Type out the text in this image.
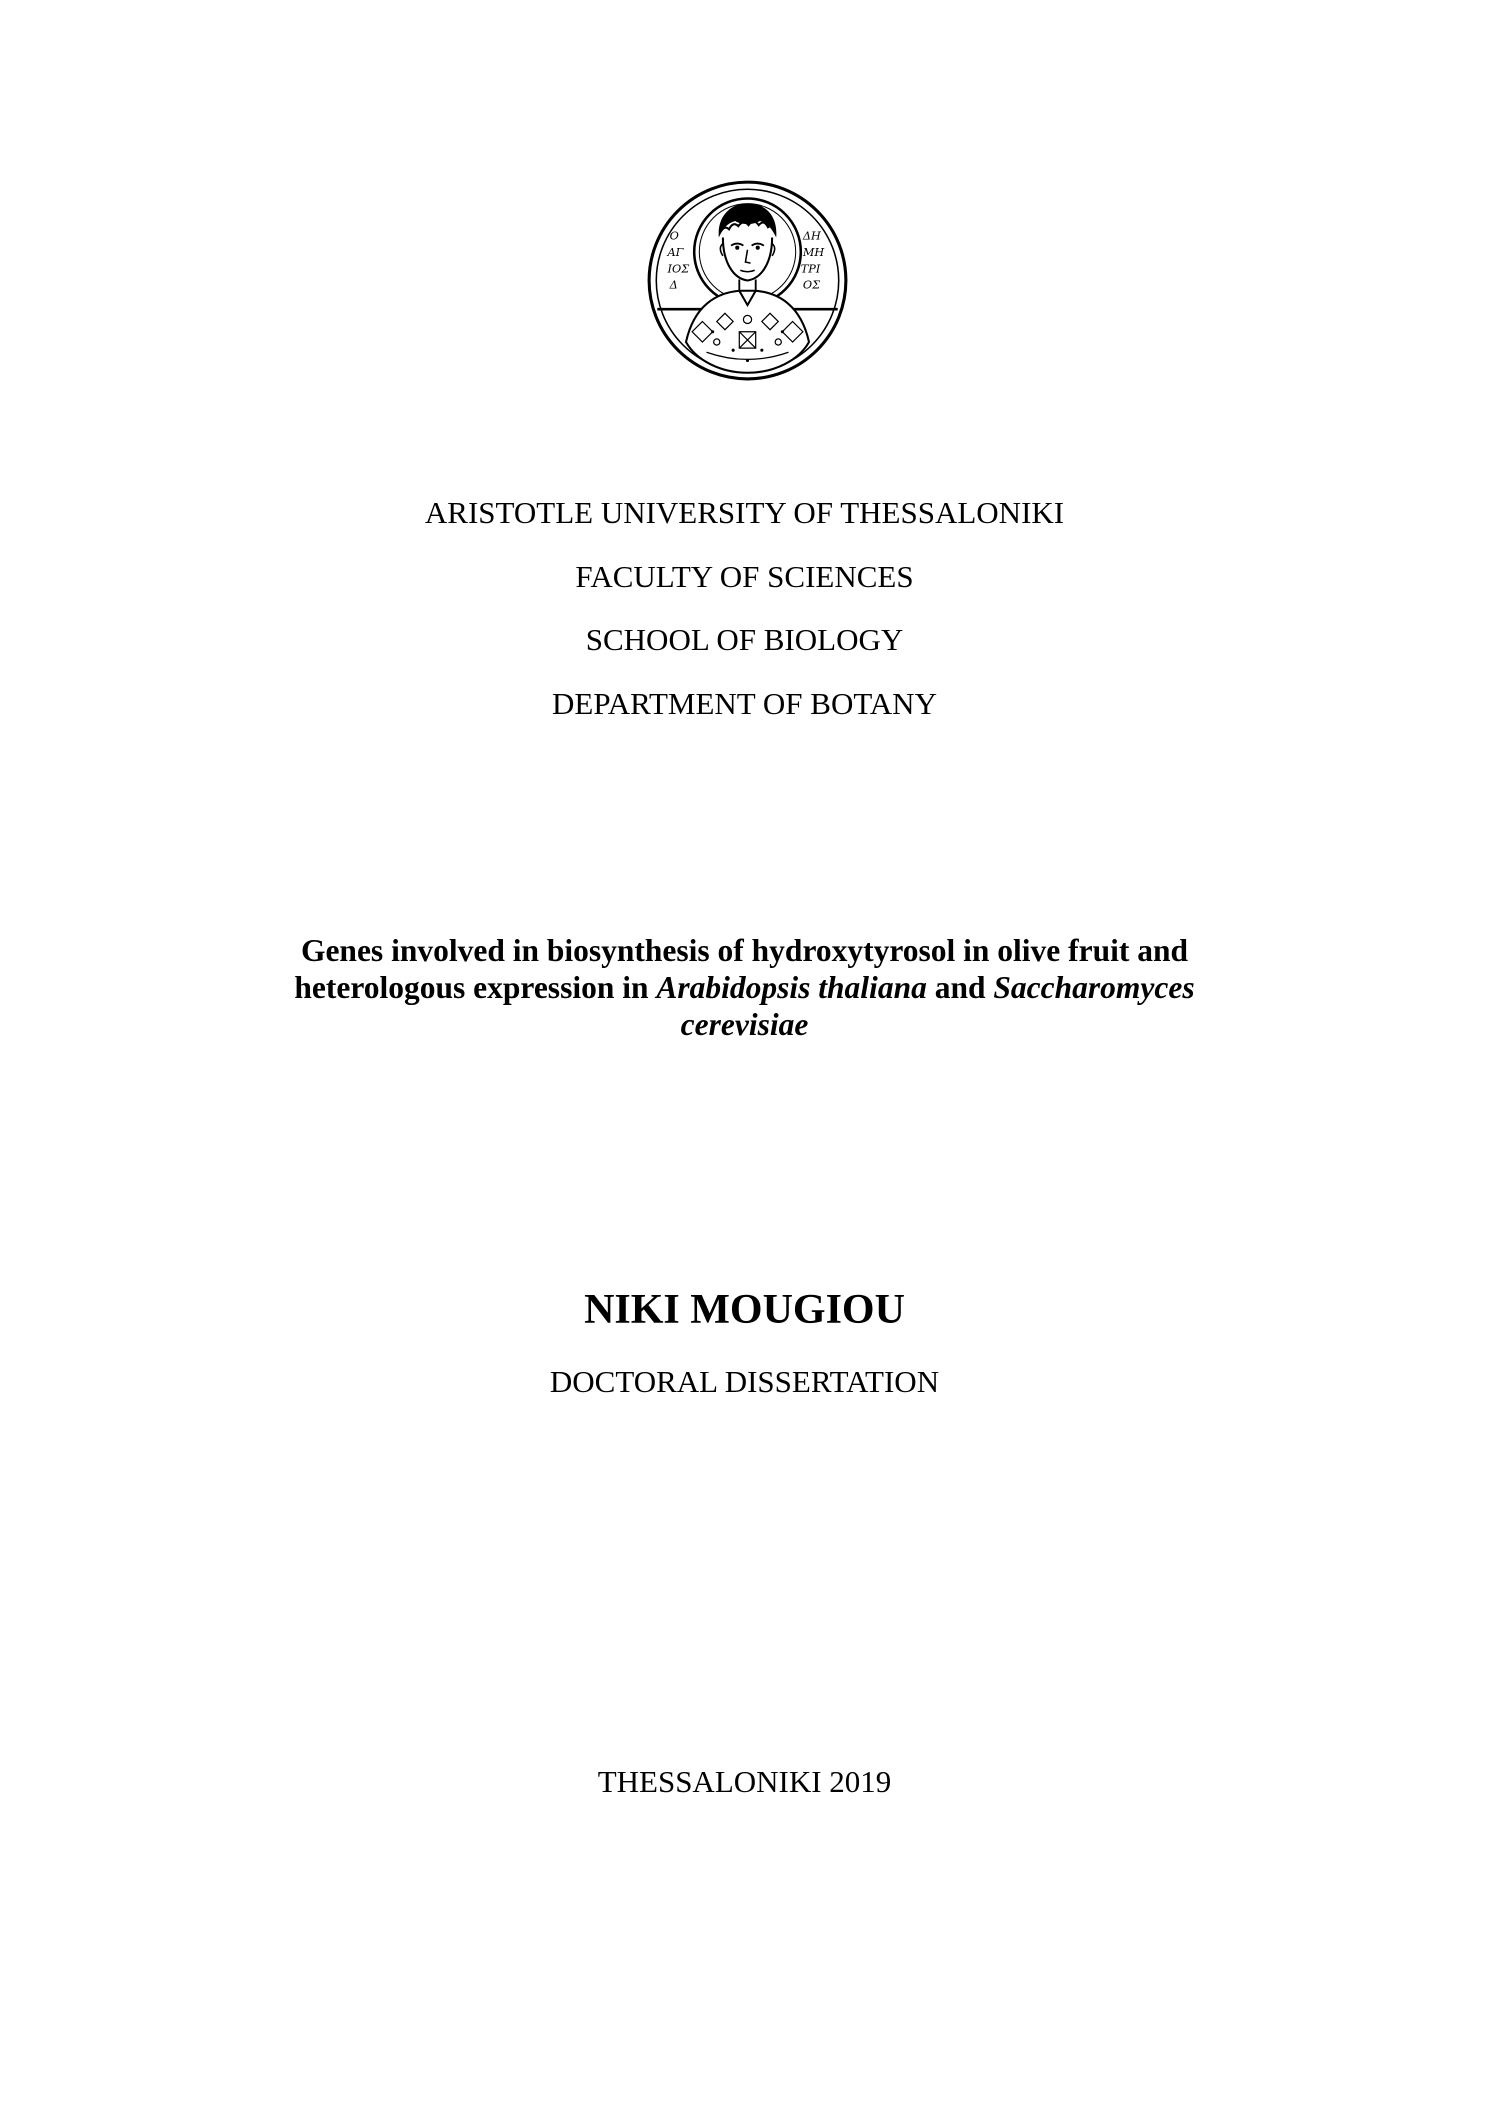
Ο
ΑΓ
ΙΟΣ
Δ
ΔΗ
ΜΗ
ΤΡΙ
ΟΣ
ARISTOTLE UNIVERSITY OF THESSALONIKI
FACULTY OF SCIENCES
SCHOOL OF BIOLOGY
DEPARTMENT OF BOTANY
Genes involved in biosynthesis of hydroxytyrosol in olive fruit and
heterologous expression in Arabidopsis thaliana and Saccharomyces
cerevisiae
NIKI MOUGIOU
DOCTORAL DISSERTATION
THESSALONIKI 2019
